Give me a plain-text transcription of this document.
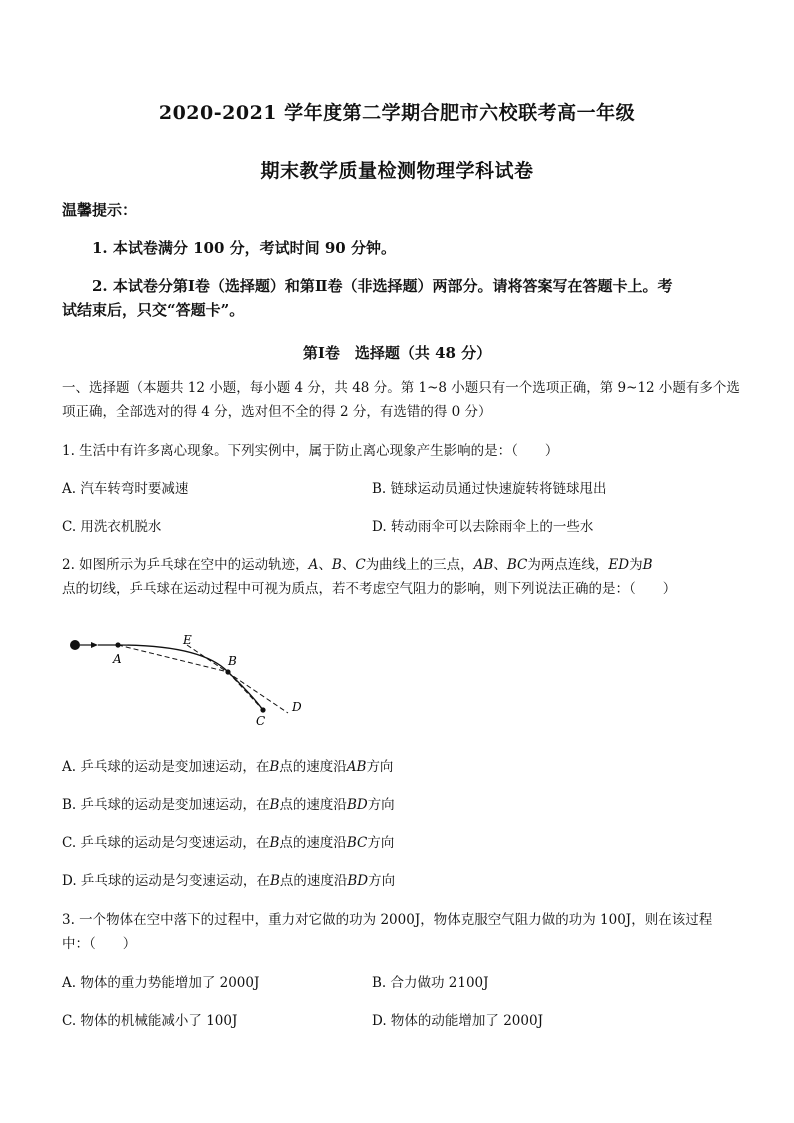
2020-2021 学年度第二学期合肥市六校联考高一年级
期末教学质量检测物理学科试卷
温馨提示：
1. 本试卷满分 100 分，考试时间 90 分钟。
2. 本试卷分第Ⅰ卷（选择题）和第Ⅱ卷（非选择题）两部分。请将答案写在答题卡上。考
试结束后，只交“答题卡”。
第Ⅰ卷　选择题（共 48 分）
一、选择题（本题共 12 小题，每小题 4 分，共 48 分。第 1~8 小题只有一个选项正确，第 9~12 小题有多个选
项正确，全部选对的得 4 分，选对但不全的得 2 分，有选错的得 0 分）
1. 生活中有许多离心现象。下列实例中，属于防止离心现象产生影响的是：（　　）
A. 汽车转弯时要减速	B. 链球运动员通过快速旋转将链球甩出
C. 用洗衣机脱水	D. 转动雨伞可以去除雨伞上的一些水
2. 如图所示为乒乓球在空中的运动轨迹，A、B、C为曲线上的三点，AB、BC为两点连线，ED为B
点的切线，乒乓球在运动过程中可视为质点，若不考虑空气阻力的影响，则下列说法正确的是：（　　）
A	B
C
D
E
A. 乒乓球的运动是变加速运动，在B点的速度沿AB方向
B. 乒乓球的运动是变加速运动，在B点的速度沿BD方向
C. 乒乓球的运动是匀变速运动，在B点的速度沿BC方向
D. 乒乓球的运动是匀变速运动，在B点的速度沿BD方向
3. 一个物体在空中落下的过程中，重力对它做的功为 2000J，物体克服空气阻力做的功为 100J，则在该过程
中：（　　）
A. 物体的重力势能增加了 2000J	B. 合力做功 2100J
C. 物体的机械能减小了 100J	D. 物体的动能增加了 2000J
